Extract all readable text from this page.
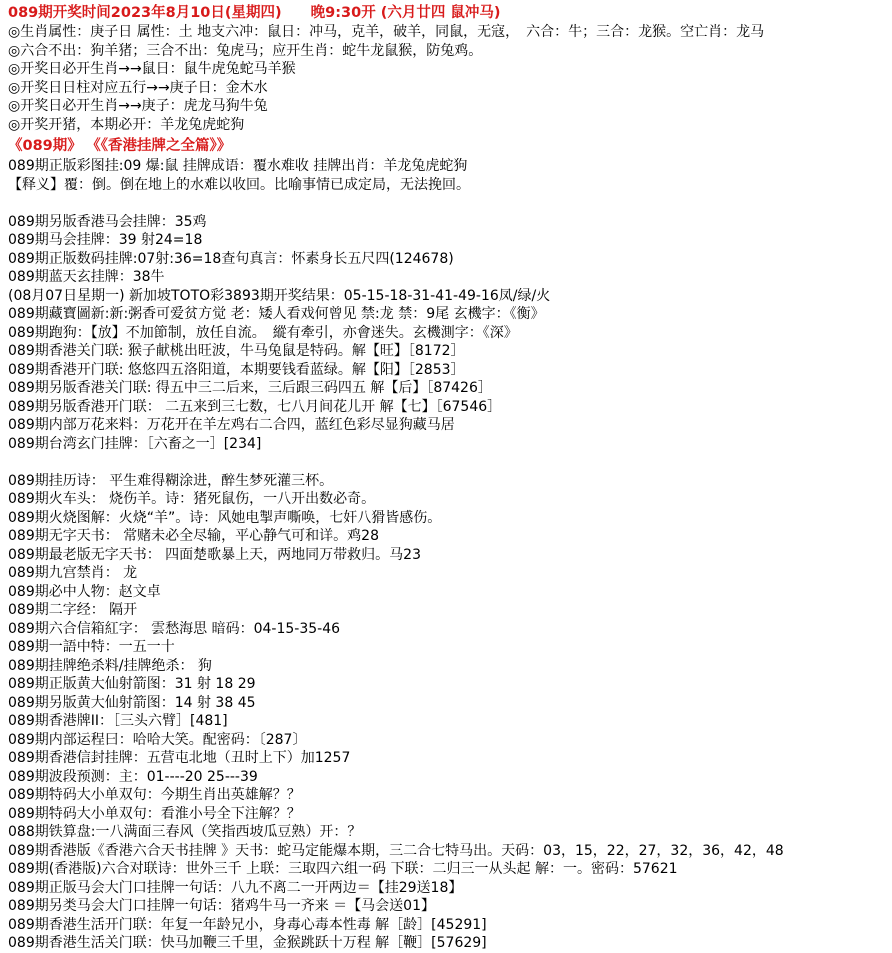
089期开奖时间2023年8月10日(星期四)　　晚9:30开 (六月廿四 鼠冲马)
◎生肖属性：庚子日 属性：土 地支六冲：鼠日：冲马，克羊，破羊，同鼠，无寇，　六合：牛；三合：龙猴。空亡肖：龙马
◎六合不出：狗羊猪；三合不出：兔虎马；应开生肖：蛇牛龙鼠猴，防兔鸡。
◎开奖日必开生肖→→鼠日：鼠牛虎兔蛇马羊猴
◎开奖日日柱对应五行→→庚子日：金木水
◎开奖日必开生肖→→庚子：虎龙马狗牛兔
◎开奖开猪，本期必开：羊龙兔虎蛇狗
《089期》 《《香港挂牌之全篇》》
089期正版彩图挂:09 爆:鼠 挂牌成语：覆水难收 挂牌出肖：羊龙兔虎蛇狗
【释义】覆：倒。倒在地上的水难以收回。比喻事情已成定局，无法挽回。

089期另版香港马会挂牌：35鸡
089期马会挂牌：39 射24=18
089期正版数码挂牌:07射:36=18查句真言：怀素身长五尺四(124678)
089期蓝天玄挂牌：38牛
(08月07日星期一) 新加坡TOTO彩3893期开奖结果：05-15-18-31-41-49-16凤/绿/火
089期藏寶圖新:新:粥香可爱贫方觉 老：矮人看戏何曾见 禁:龙 禁：9尾 玄機字：《衡》
089期跑狗：【放】不加節制，放任自流。　縱有牽引，亦會迷失。玄機測字：《深》
089期香港关门联: 猴子献桃出旺波，牛马兔鼠是特码。解【旺】［8172］
089期香港开门联: 悠悠四五洛阳道，本期要钱看蓝绿。解【阳】［2853］
089期另版香港关门联: 得五中三二后来，三后跟三码四五 解【后】［87426］
089期另版香港开门联： 二五来到三七数，七八月间花儿开 解【七】［67546］
089期内部万花来料：万花开在羊左鸡右二合四，蓝红色彩尽显狗藏马居
089期台湾玄门挂牌：［六畜之一］[234]

089期挂历诗： 平生难得糊涂进，醉生梦死灌三杯。
089期火车头： 烧伤羊。诗：猪死鼠伤，一八开出数必奇。
089期火烧图解：火烧“羊”。诗：风她电掣声嘶唤，七奸八猾皆感伤。
089期无字天书： 常赌未必全尽输，平心静气可和详。鸡28
089期最老版无字天书： 四面楚歌暴上天，两地同万带救归。马23
089期九宫禁肖： 龙
089期必中人物：赵文卓
089期二字经： 隔开
089期六合信箱紅字： 雲愁海思 暗码：04-15-35-46
089期一語中特：一五一十
089期挂牌绝杀料/挂牌绝杀： 狗
089期正版黄大仙射箭图：31 射 18 29
089期另版黄大仙射箭图：14 射 38 45
089期香港牌II：［三头六臂］[481]
089期内部运程曰：哈哈大笑。配密码：〔287〕
089期香港信封挂牌：五营屯北地（丑时上下）加1257
089期波段预测：主：01----20 25---39
089期特码大小单双句：今期生肖出英雄解？？
089期特码大小单双句：看淮小号全下注解？？
088期铁算盘:一八满面三春风（笑指西坡瓜豆熟）开：？
089期香港版《香港六合天书挂牌 》天书：蛇马定能爆本期，三二合七特马出。天码：03，15，22，27，32，36，42，48
089期(香港版)六合对联诗：世外三千 上联：三取四六组一码 下联：二归三一从头起 解：一。密码：57621
089期正版马会大门口挂牌一句话：八九不离二一开两边＝【挂29送18】
089期另类马会大门口挂牌一句话：猪鸡牛马一齐来 ＝【马会送01】
089期香港生活开门联：年复一年龄兄小，身毒心毒本性毒 解［龄］[45291]
089期香港生活关门联：快马加鞭三千里，金猴跳跃十万程 解［鞭］[57629]
